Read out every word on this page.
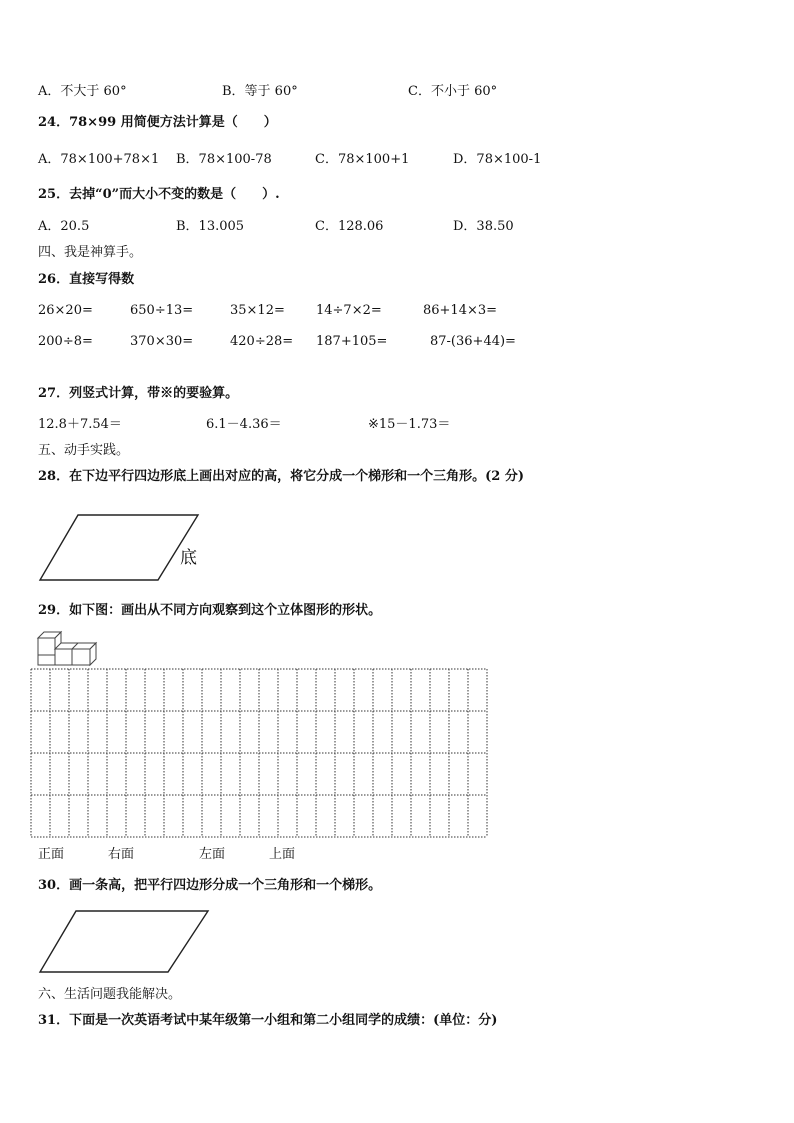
A．不大于 60°	B．等于 60°	C．不小于 60°
24．78×99 用简便方法计算是（　　）
A．78×100+78×1 B．78×100-78	C．78×100+1	D．78×100-1
25．去掉“0”而大小不变的数是（　　）.
A．20.5	B．13.005	C．128.06	D．38.50
四、我是神算手。
26．直接写得数
26×20=	650÷13=	35×12= 14÷7×2=	86+14×3=
200÷8=	370×30=	420÷28= 187+105=	87-(36+44)=
27．列竖式计算，带※的要验算。
12.8＋7.54＝	6.1－4.36＝	※15－1.73＝
五、动手实践。
28．在下边平行四边形底上画出对应的高，将它分成一个梯形和一个三角形。(2 分)
底
29．如下图：画出从不同方向观察到这个立体图形的形状。
正面	右面	左面	上面
30．画一条高，把平行四边形分成一个三角形和一个梯形。
六、生活问题我能解决。
31．下面是一次英语考试中某年级第一小组和第二小组同学的成绩：(单位：分)
